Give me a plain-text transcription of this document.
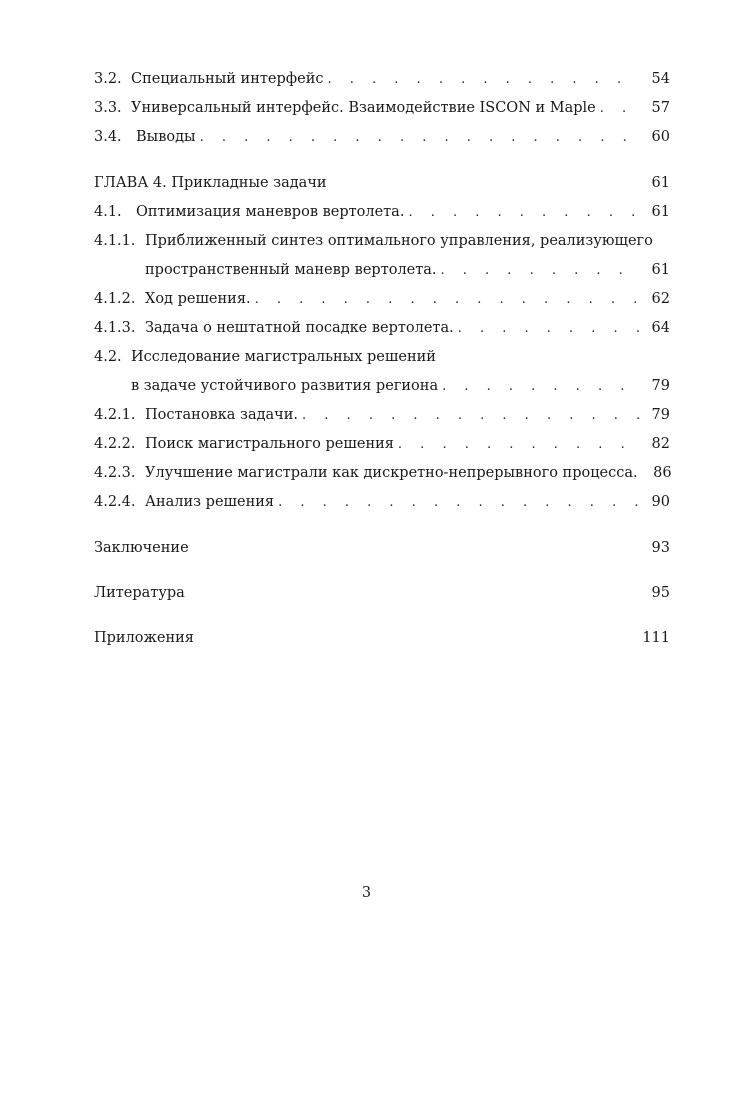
3.2. Специальный интерфейс . . .	54
3.3. Универсальный интерфейс. Взаимодействие ISCON и Maple . . .	57
3.4. Выводы . . .	60
ГЛАВА 4. Прикладные задачи	61
4.1. Оптимизация маневров вертолета. . . .	61
4.1.1. Приближенный синтез оптимального управления, реализующего
пространственный маневр вертолета. . . .	61
4.1.2. Ход решения. . . .	62
4.1.3. Задача о нештатной посадке вертолета. . . .	64
4.2. Исследование магистральных решений
в задаче устойчивого развития региона . . .	79
4.2.1. Постановка задачи. . . .	79
4.2.2. Поиск магистрального решения . . .	82
4.2.3. Улучшение магистрали как дискретно-непрерывного процесса.	86
4.2.4. Анализ решения . . .	90
Заключение	93
Литература	95
Приложения	111
3
